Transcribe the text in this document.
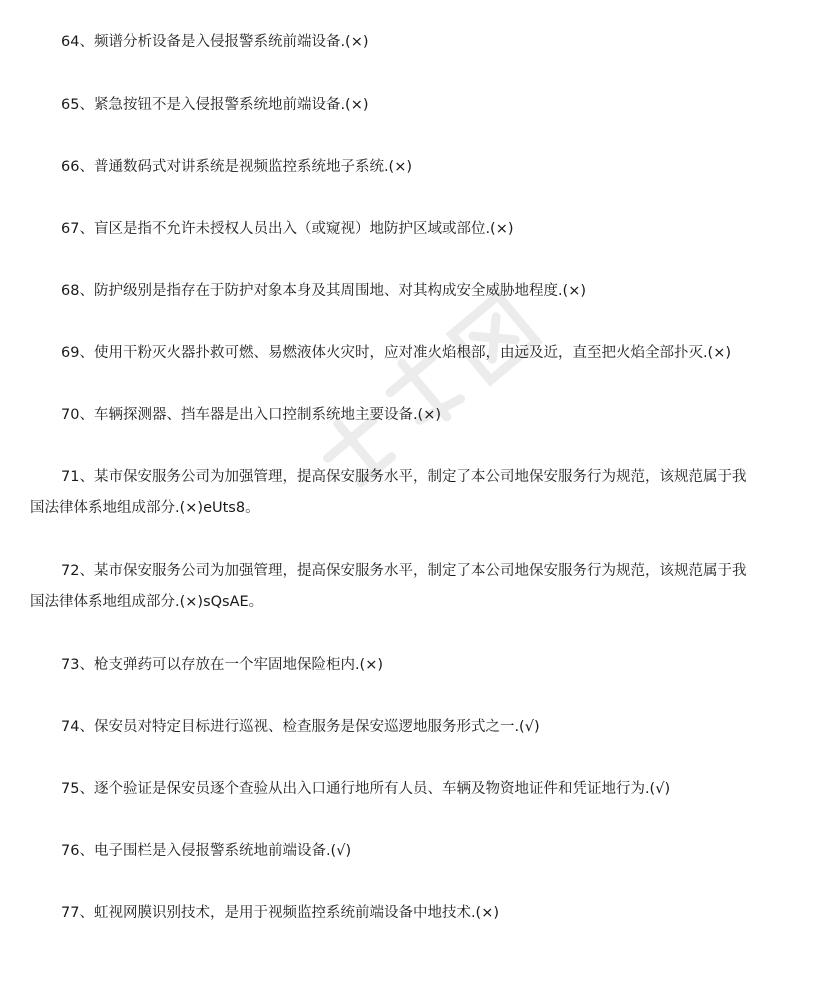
64、频谱分析设备是入侵报警系统前端设备.(×)

65、紧急按钮不是入侵报警系统地前端设备.(×)

66、普通数码式对讲系统是视频监控系统地子系统.(×)

67、盲区是指不允许未授权人员出入（或窥视）地防护区域或部位.(×)

68、防护级别是指存在于防护对象本身及其周围地、对其构成安全威胁地程度.(×)

69、使用干粉灭火器扑救可燃、易燃液体火灾时，应对准火焰根部，由远及近，直至把火焰全部扑灭.(×)

70、车辆探测器、挡车器是出入口控制系统地主要设备.(×)

71、某市保安服务公司为加强管理，提高保安服务水平，制定了本公司地保安服务行为规范，该规范属于我

国法律体系地组成部分.(×)eUts8。

72、某市保安服务公司为加强管理，提高保安服务水平，制定了本公司地保安服务行为规范，该规范属于我

国法律体系地组成部分.(×)sQsAE。

73、枪支弹药可以存放在一个牢固地保险柜内.(×)

74、保安员对特定目标进行巡视、检查服务是保安巡逻地服务形式之一.(√)

75、逐个验证是保安员逐个查验从出入口通行地所有人员、车辆及物资地证件和凭证地行为.(√)

76、电子围栏是入侵报警系统地前端设备.(√)

77、虹视网膜识别技术，是用于视频监控系统前端设备中地技术.(×)
